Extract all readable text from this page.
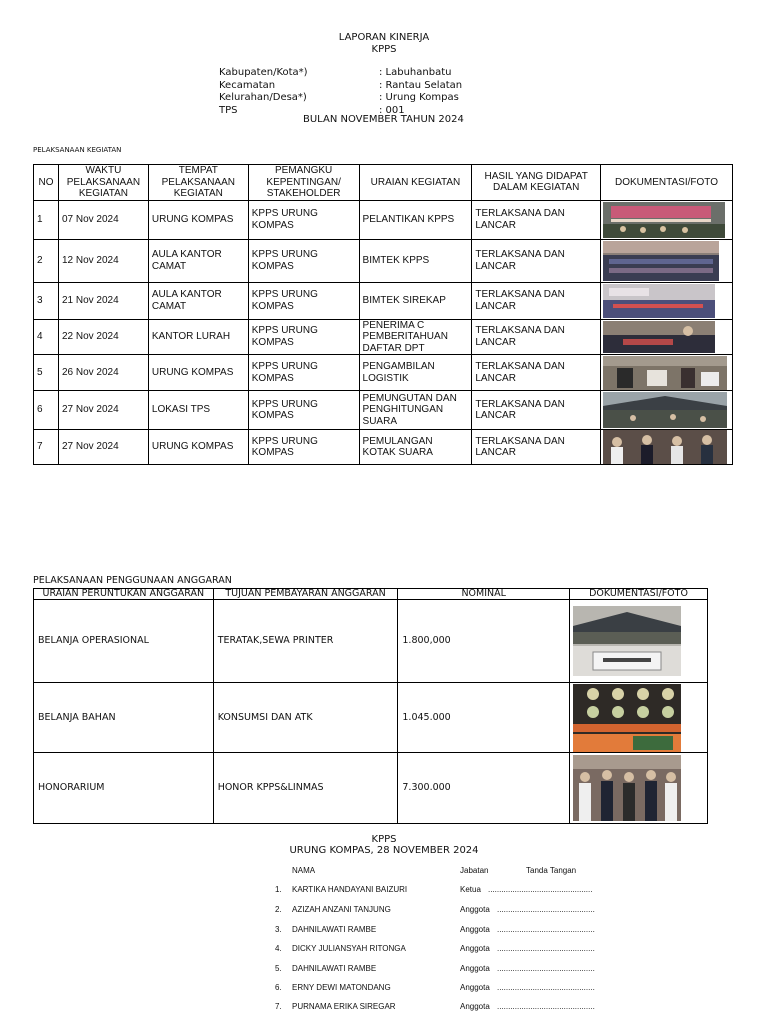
LAPORAN KINERJA
KPPS
Kabupaten/Kota*)	: Labuhanbatu
Kecamatan	: Rantau Selatan
Kelurahan/Desa*)	: Urung Kompas
TPS	: 001
BULAN NOVEMBER TAHUN 2024
PELAKSANAAN KEGIATAN
NO	WAKTU PELAKSANAAN KEGIATAN	TEMPAT PELAKSANAAN KEGIATAN	PEMANGKU KEPENTINGAN/ STAKEHOLDER	URAIAN KEGIATAN	HASIL YANG DIDAPAT DALAM KEGIATAN	DOKUMENTASI/FOTO
1	07 Nov 2024	URUNG KOMPAS	KPPS URUNG KOMPAS	PELANTIKAN KPPS	TERLAKSANA DAN LANCAR	

2	12 Nov 2024	AULA KANTOR CAMAT	KPPS URUNG KOMPAS	BIMTEK KPPS	TERLAKSANA DAN LANCAR	

3	21 Nov 2024	AULA KANTOR CAMAT	KPPS URUNG KOMPAS	BIMTEK SIREKAP	TERLAKSANA DAN LANCAR	

4	22 Nov 2024	KANTOR LURAH	KPPS URUNG KOMPAS	PENERIMA C PEMBERITAHUAN DAFTAR DPT	TERLAKSANA DAN LANCAR	

5	26 Nov 2024	URUNG KOMPAS	KPPS URUNG KOMPAS	PENGAMBILAN LOGISTIK	TERLAKSANA DAN LANCAR	

6	27 Nov 2024	LOKASI TPS	KPPS URUNG KOMPAS	PEMUNGUTAN DAN PENGHITUNGAN SUARA	TERLAKSANA DAN LANCAR	

7	27 Nov 2024	URUNG KOMPAS	KPPS URUNG KOMPAS	PEMULANGAN KOTAK SUARA	TERLAKSANA DAN LANCAR	
PELAKSANAAN PENGGUNAAN ANGGARAN
URAIAN PERUNTUKAN ANGGARAN	TUJUAN PEMBAYARAN ANGGARAN	NOMINAL	DOKUMENTASI/FOTO
BELANJA OPERASIONAL	TERATAK,SEWA PRINTER	1.800,000	

BELANJA BAHAN	KONSUMSI DAN ATK	1.045.000	

HONORARIUM	HONOR KPPS&LINMAS	7.300.000	
KPPS
URUNG KOMPAS, 28 NOVEMBER 2024
NAMA	Jabatan	Tanda Tangan
1. KARTIKA HANDAYANI BAIZURI	Ketua ...............................................
2. AZIZAH ANZANI TANJUNG	Anggota ............................................
3. DAHNILAWATI RAMBE	Anggota ............................................
4. DICKY JULIANSYAH RITONGA	Anggota ............................................
5. DAHNILAWATI RAMBE	Anggota ............................................
6. ERNY DEWI MATONDANG	Anggota ............................................
7. PURNAMA ERIKA SIREGAR	Anggota ............................................
